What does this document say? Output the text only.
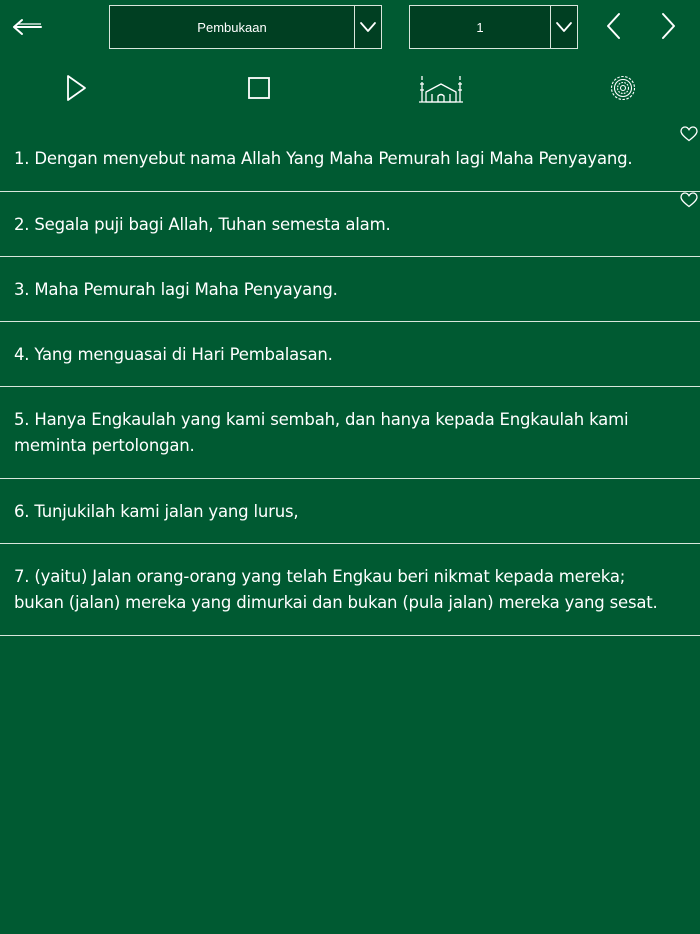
Pembukaan	1
1. Dengan menyebut nama Allah Yang Maha Pemurah lagi Maha Penyayang.
2. Segala puji bagi Allah, Tuhan semesta alam.
3. Maha Pemurah lagi Maha Penyayang.
4. Yang menguasai di Hari Pembalasan.
5. Hanya Engkaulah yang kami sembah, dan hanya kepada Engkaulah kami meminta pertolongan.
6. Tunjukilah kami jalan yang lurus,
7. (yaitu) Jalan orang-orang yang telah Engkau beri nikmat kepada mereka; bukan (jalan) mereka yang dimurkai dan bukan (pula jalan) mereka yang sesat.
